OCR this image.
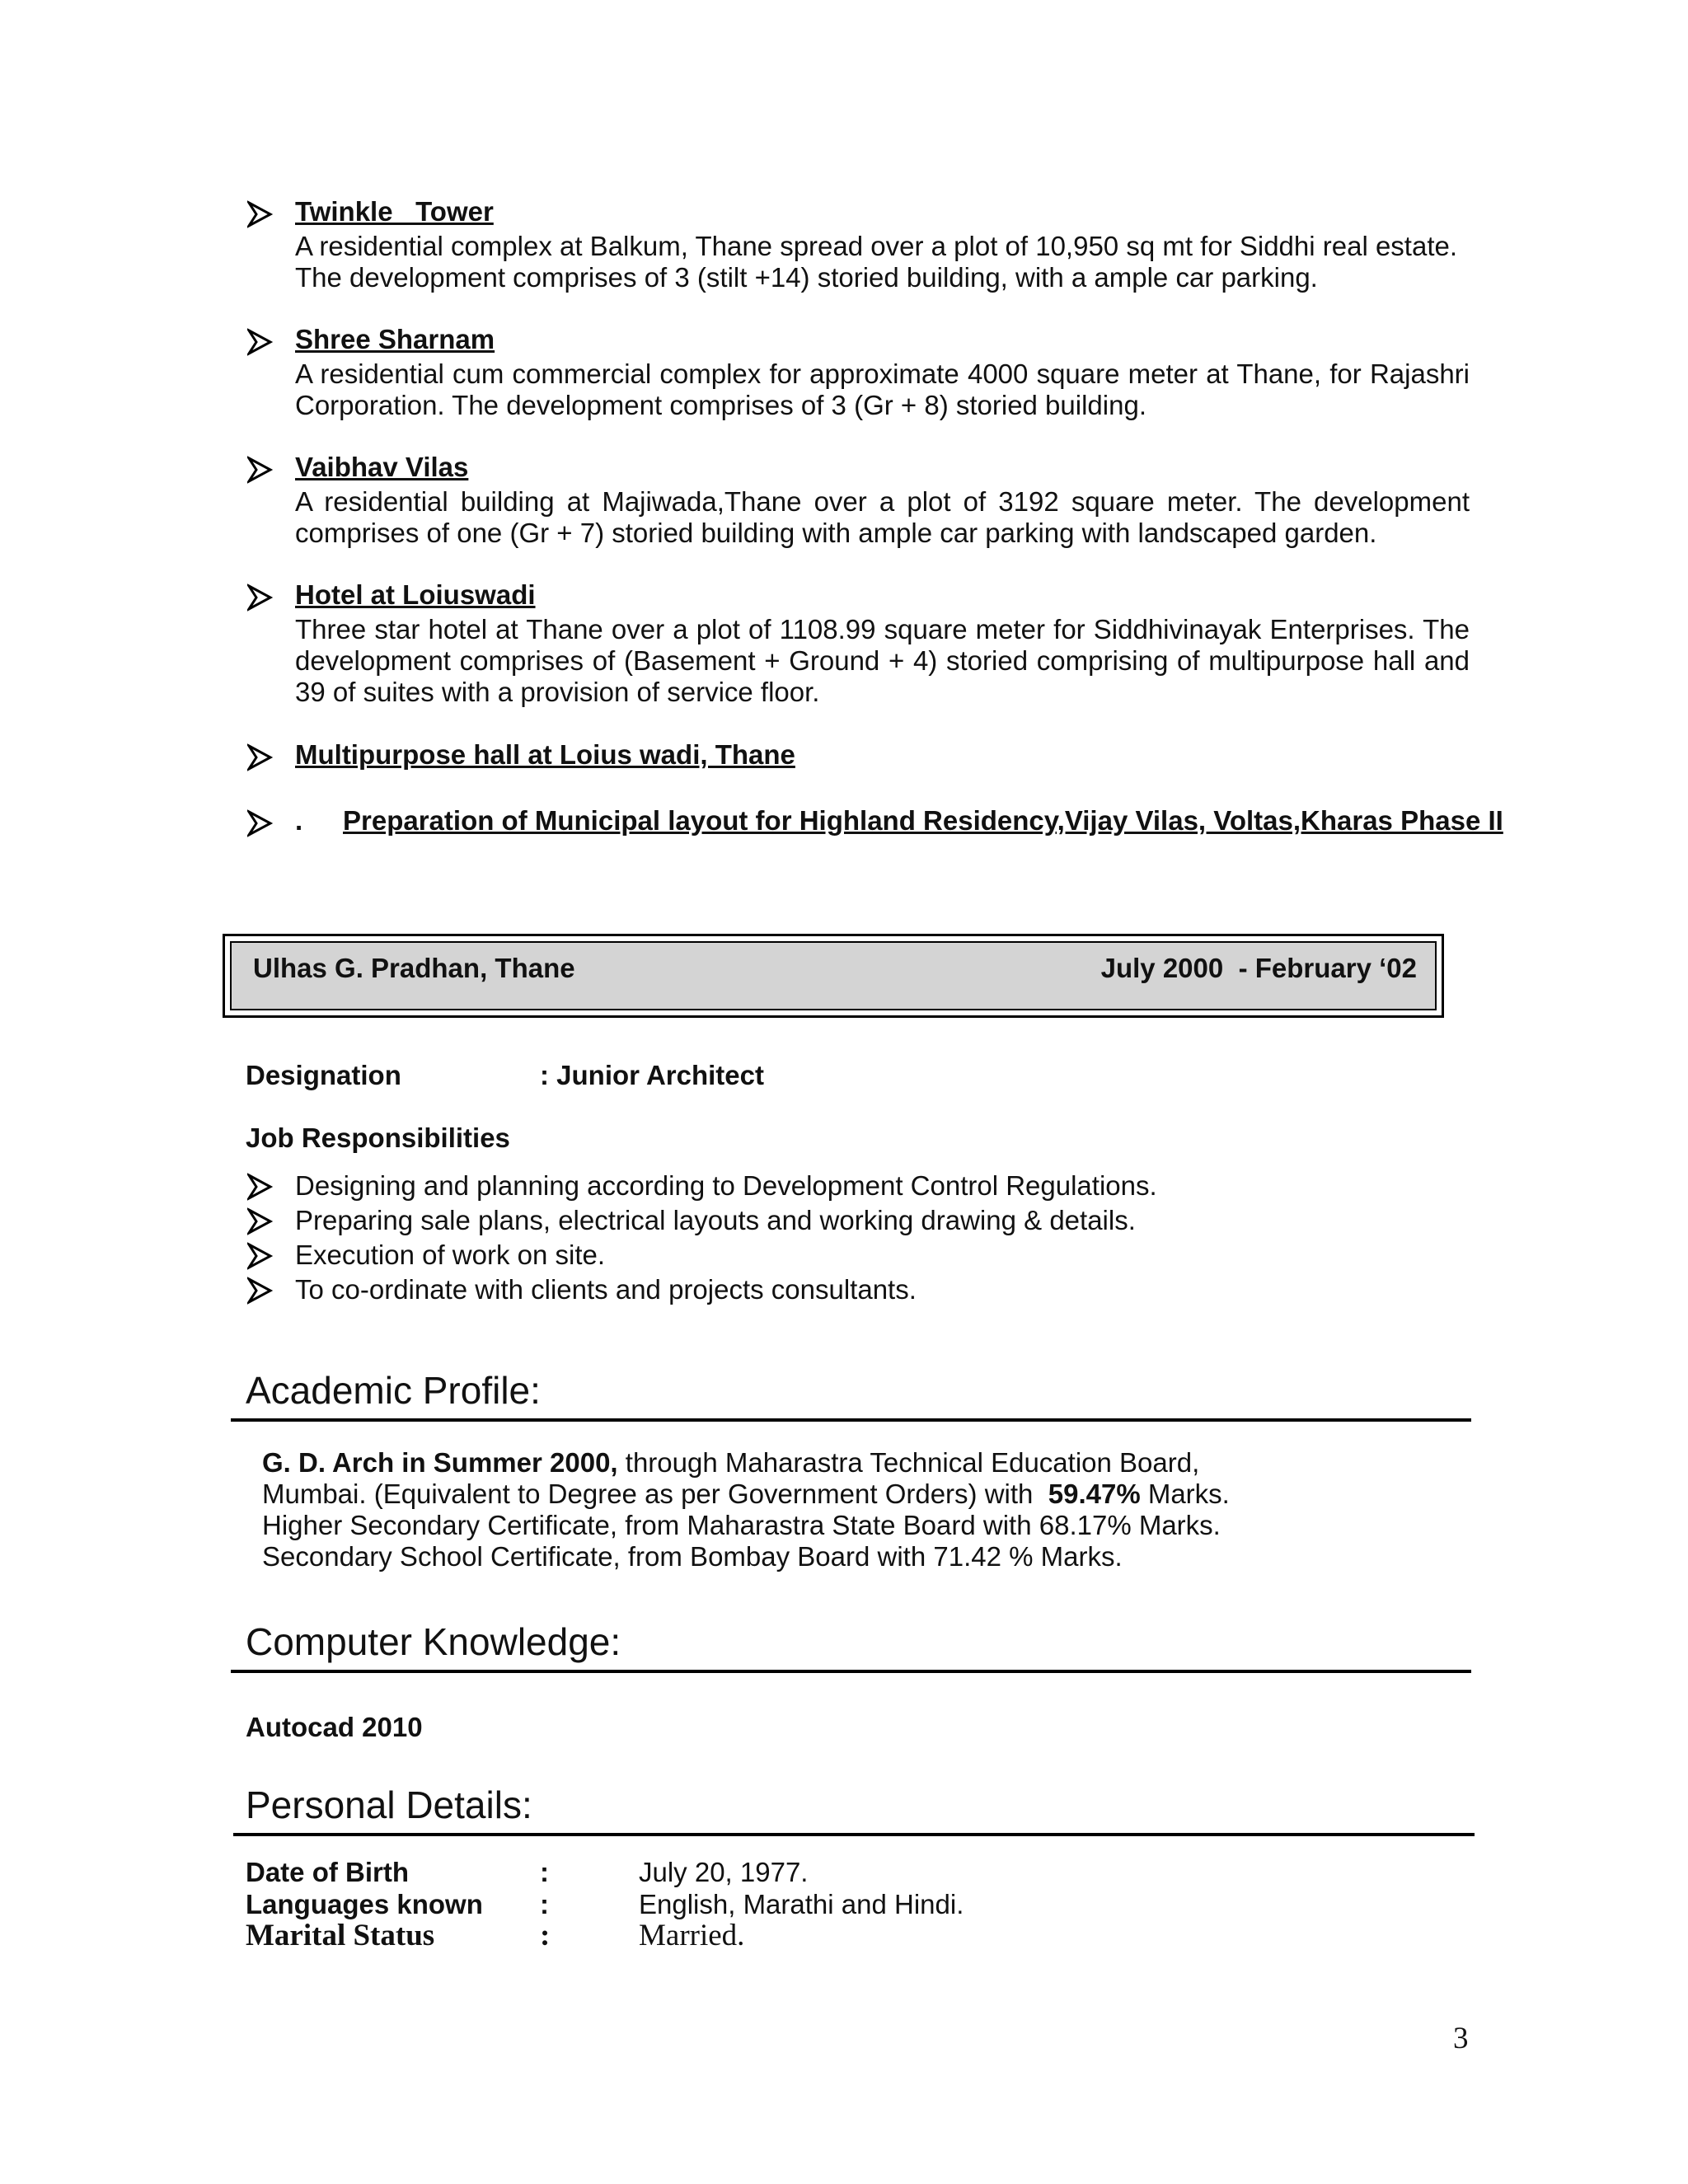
Twinkle   Tower

A residential complex at Balkum, Thane spread over a plot of 10,950 sq mt for Siddhi real estate.

The development comprises of 3 (stilt +14) storied building, with a ample car parking.

Shree Sharnam

A residential cum commercial complex for approximate 4000 square meter at Thane, for Rajashri

Corporation. The development comprises of 3 (Gr + 8) storied building.

Vaibhav Vilas

A residential building at Majiwada,Thane over a plot of 3192 square meter. The development

comprises of one (Gr + 7) storied building with ample car parking with landscaped garden.

Hotel at Loiuswadi

Three star hotel at Thane over a plot of 1108.99 square meter for Siddhivinayak Enterprises. The

development comprises of (Basement + Ground + 4) storied comprising of multipurpose hall and

39 of suites with a provision of service floor.

Multipurpose hall at Loius wadi, Thane
Preparation of Municipal layout for Highland Residency,Vijay Vilas, Voltas,Kharas Phase II
.
Ulhas G. Pradhan, Thane	July 2000  - February ‘02
Designation	: Junior Architect
Job Responsibilities
Designing and planning according to Development Control Regulations.
Preparing sale plans, electrical layouts and working drawing & details.
Execution of work on site.
To co-ordinate with clients and projects consultants.
Academic Profile:
G. D. Arch in Summer 2000, through Maharastra Technical Education Board,
Mumbai. (Equivalent to Degree as per Government Orders) with  59.47% Marks.
Higher Secondary Certificate, from Maharastra State Board with 68.17% Marks.
Secondary School Certificate, from Bombay Board with 71.42 % Marks.
Computer Knowledge:
Autocad 2010
Personal Details:
Date of Birth	:	July 20, 1977.
Languages known :	English, Marathi and Hindi.
Marital Status	:	Married.
3
